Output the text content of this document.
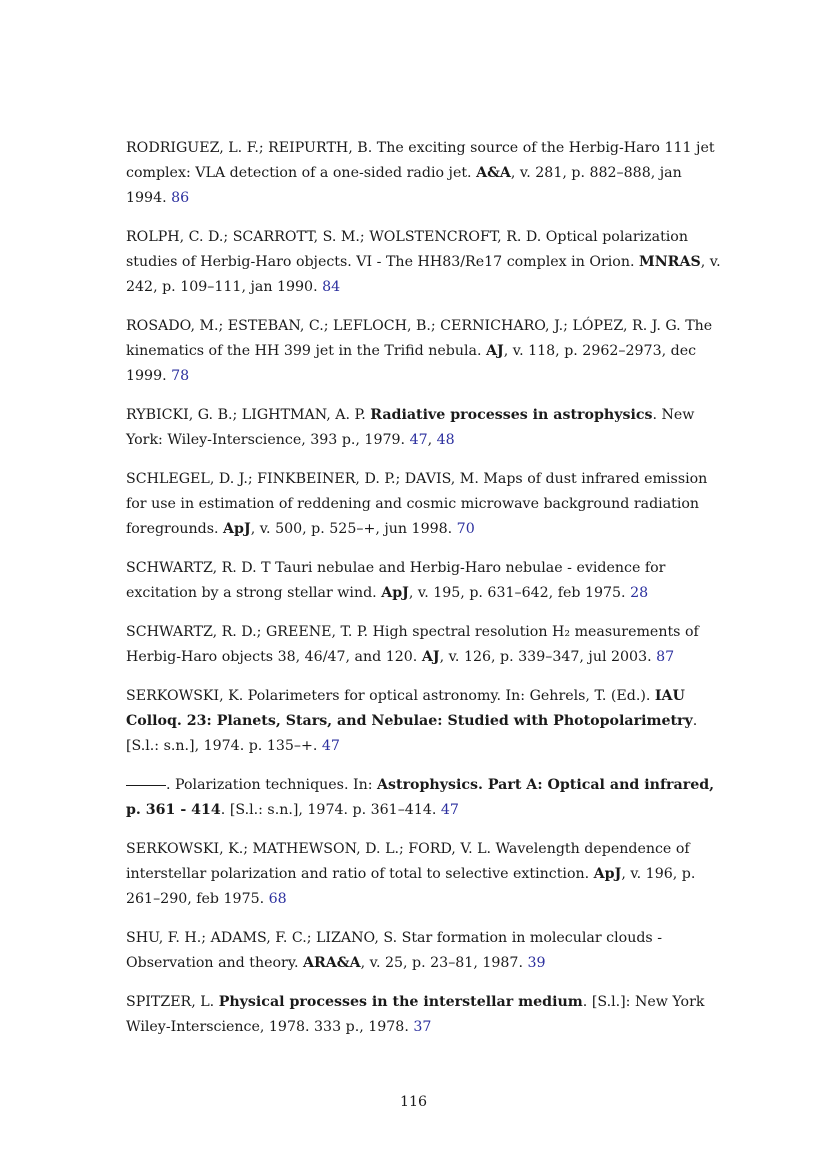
RODRIGUEZ, L. F.; REIPURTH, B. The exciting source of the Herbig-Haro 111 jet complex: VLA detection of a one-sided radio jet. A&A, v. 281, p. 882–888, jan 1994. 86

ROLPH, C. D.; SCARROTT, S. M.; WOLSTENCROFT, R. D. Optical polarization studies of Herbig-Haro objects. VI - The HH83/Re17 complex in Orion. MNRAS, v. 242, p. 109–111, jan 1990. 84

ROSADO, M.; ESTEBAN, C.; LEFLOCH, B.; CERNICHARO, J.; LÓPEZ, R. J. G. The kinematics of the HH 399 jet in the Trifid nebula. AJ, v. 118, p. 2962–2973, dec 1999. 78

RYBICKI, G. B.; LIGHTMAN, A. P. Radiative processes in astrophysics. New York: Wiley-Interscience, 393 p., 1979. 47, 48

SCHLEGEL, D. J.; FINKBEINER, D. P.; DAVIS, M. Maps of dust infrared emission for use in estimation of reddening and cosmic microwave background radiation foregrounds. ApJ, v. 500, p. 525–+, jun 1998. 70

SCHWARTZ, R. D. T Tauri nebulae and Herbig-Haro nebulae - evidence for excitation by a strong stellar wind. ApJ, v. 195, p. 631–642, feb 1975. 28

SCHWARTZ, R. D.; GREENE, T. P. High spectral resolution H₂ measurements of Herbig-Haro objects 38, 46/47, and 120. AJ, v. 126, p. 339–347, jul 2003. 87

SERKOWSKI, K. Polarimeters for optical astronomy. In: Gehrels, T. (Ed.). IAU Colloq. 23: Planets, Stars, and Nebulae: Studied with Photopolarimetry. [S.l.: s.n.], 1974. p. 135–+. 47

. Polarization techniques. In: Astrophysics. Part A: Optical and infrared, p. 361 - 414. [S.l.: s.n.], 1974. p. 361–414. 47

SERKOWSKI, K.; MATHEWSON, D. L.; FORD, V. L. Wavelength dependence of interstellar polarization and ratio of total to selective extinction. ApJ, v. 196, p. 261–290, feb 1975. 68

SHU, F. H.; ADAMS, F. C.; LIZANO, S. Star formation in molecular clouds - Observation and theory. ARA&A, v. 25, p. 23–81, 1987. 39

SPITZER, L. Physical processes in the interstellar medium. [S.l.]: New York Wiley-Interscience, 1978. 333 p., 1978. 37

116
